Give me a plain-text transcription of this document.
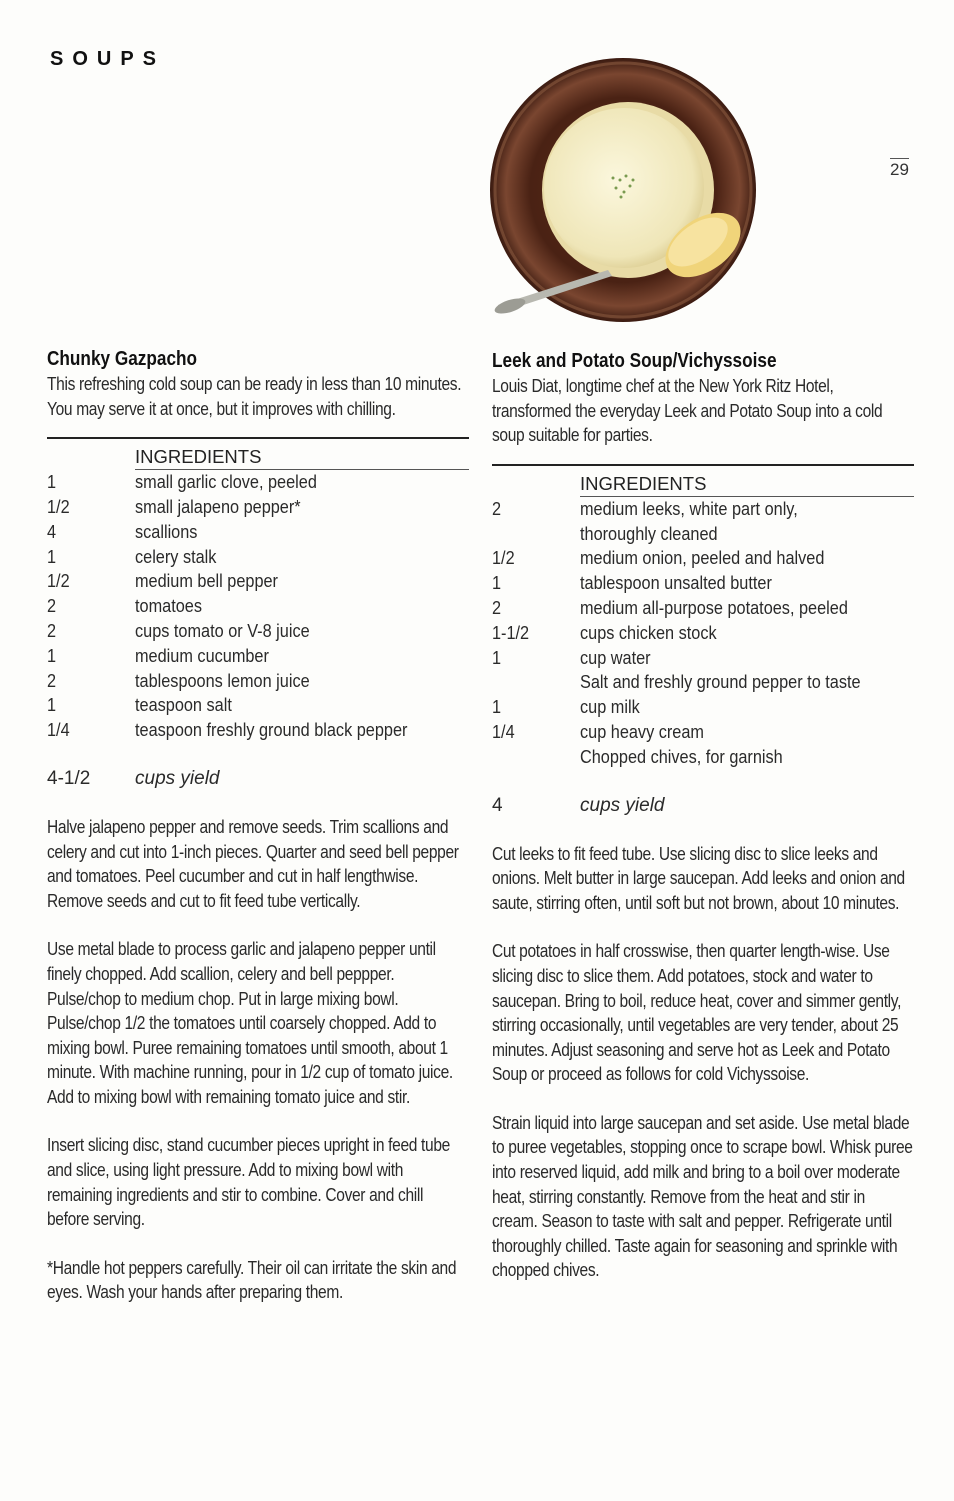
SOUPS
29
Chunky Gazpacho
This refreshing cold soup can be ready in less than 10 minutes. You may serve it at once, but it improves with chilling.
INGREDIENTS
1	small garlic clove, peeled
1/2	small jalapeno pepper*
4	scallions
1	celery stalk
1/2	medium bell pepper
2	tomatoes
2	cups tomato or V-8 juice
1	medium cucumber
2	tablespoons lemon juice
1	teaspoon salt
1/4	teaspoon freshly ground black pepper
4-1/2	cups yield
Halve jalapeno pepper and remove seeds. Trim scallions and celery and cut into 1-inch pieces. Quarter and seed bell pepper and tomatoes. Peel cucumber and cut in half lengthwise. Remove seeds and cut to fit feed tube vertically.
Use metal blade to process garlic and jalapeno pepper until finely chopped. Add scallion, celery and bell peppper. Pulse/chop to medium chop. Put in large mixing bowl. Pulse/chop 1/2 the tomatoes until coarsely chopped. Add to mixing bowl. Puree remaining tomatoes until smooth, about 1 minute. With machine running, pour in 1/2 cup of tomato juice. Add to mixing bowl with remaining tomato juice and stir.
Insert slicing disc, stand cucumber pieces upright in feed tube and slice, using light pressure. Add to mixing bowl with remaining ingredients and stir to combine. Cover and chill before serving.
*Handle hot peppers carefully. Their oil can irritate the skin and eyes. Wash your hands after preparing them.
Leek and Potato Soup/Vichyssoise
Louis Diat, longtime chef at the New York Ritz Hotel, transformed the everyday Leek and Potato Soup into a cold soup suitable for parties.
INGREDIENTS
2	medium leeks, white part only, thoroughly cleaned
1/2	medium onion, peeled and halved
1	tablespoon unsalted butter
2	medium all-purpose potatoes, peeled
1-1/2	cups chicken stock
1	cup water
Salt and freshly ground pepper to taste
1	cup milk
1/4	cup heavy cream
Chopped chives, for garnish
4	cups yield
Cut leeks to fit feed tube. Use slicing disc to slice leeks and onions. Melt butter in large saucepan. Add leeks and onion and saute, stirring often, until soft but not brown, about 10 minutes.
Cut potatoes in half crosswise, then quarter length-wise. Use slicing disc to slice them. Add potatoes, stock and water to saucepan. Bring to boil, reduce heat, cover and simmer gently, stirring occasionally, until vegetables are very tender, about 25 minutes. Adjust seasoning and serve hot as Leek and Potato Soup or proceed as follows for cold Vichyssoise.
Strain liquid into large saucepan and set aside. Use metal blade to puree vegetables, stopping once to scrape bowl. Whisk puree into reserved liquid, add milk and bring to a boil over moderate heat, stirring constantly. Remove from the heat and stir in cream. Season to taste with salt and pepper. Refrigerate until thoroughly chilled. Taste again for seasoning and sprinkle with chopped chives.
